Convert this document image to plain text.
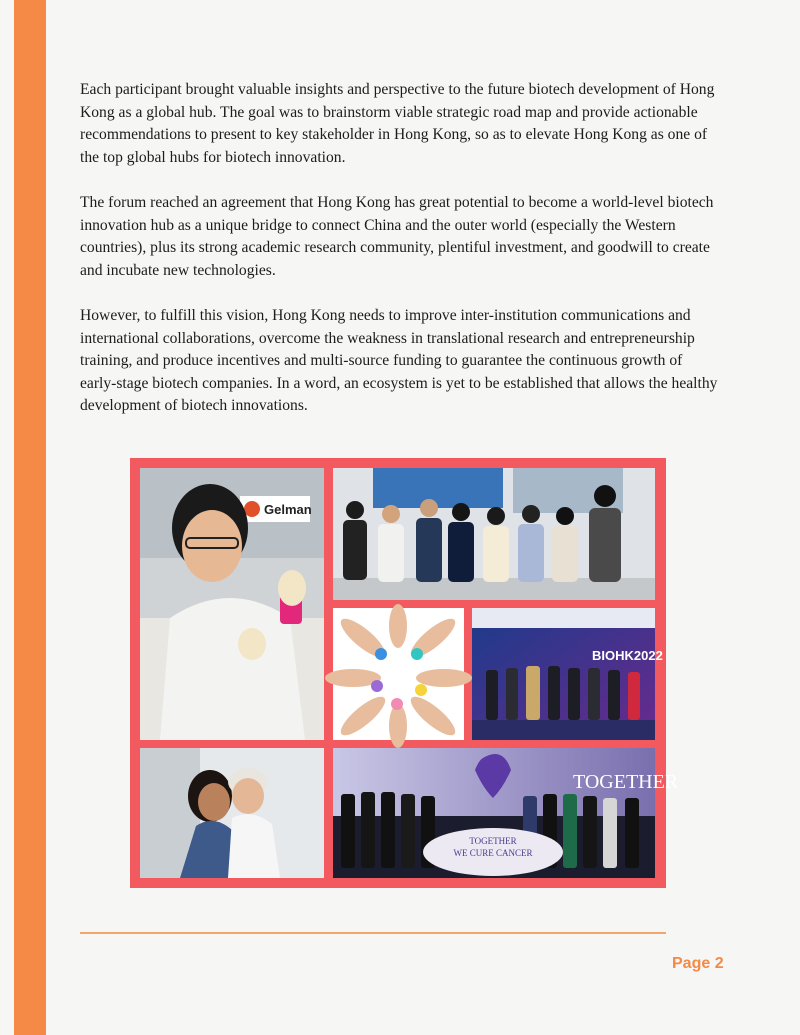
Each participant brought valuable insights and perspective to the future biotech development of Hong Kong as a global hub. The goal was to brainstorm viable strategic road map and provide actionable recommendations to present to key stakeholder in Hong Kong, so as to elevate Hong Kong as one of the top global hubs for biotech innovation.

The forum reached an agreement that Hong Kong has great potential to become a world-level biotech innovation hub as a unique bridge to connect China and the outer world (especially the Western countries), plus its strong academic research community, plentiful investment, and goodwill to create and incubate new technologies.

However, to fulfill this vision, Hong Kong needs to improve inter-institution communications and international collaborations, overcome the weakness in translational research and entrepreneurship training, and produce incentives and multi-source funding to guarantee the continuous growth of early-stage biotech companies. In a word, an ecosystem is yet to be established that allows the healthy development of biotech innovations.

Gelman
BIOHK2022
TOGETHER
TOGETHER
WE CURE CANCER
Page 2
